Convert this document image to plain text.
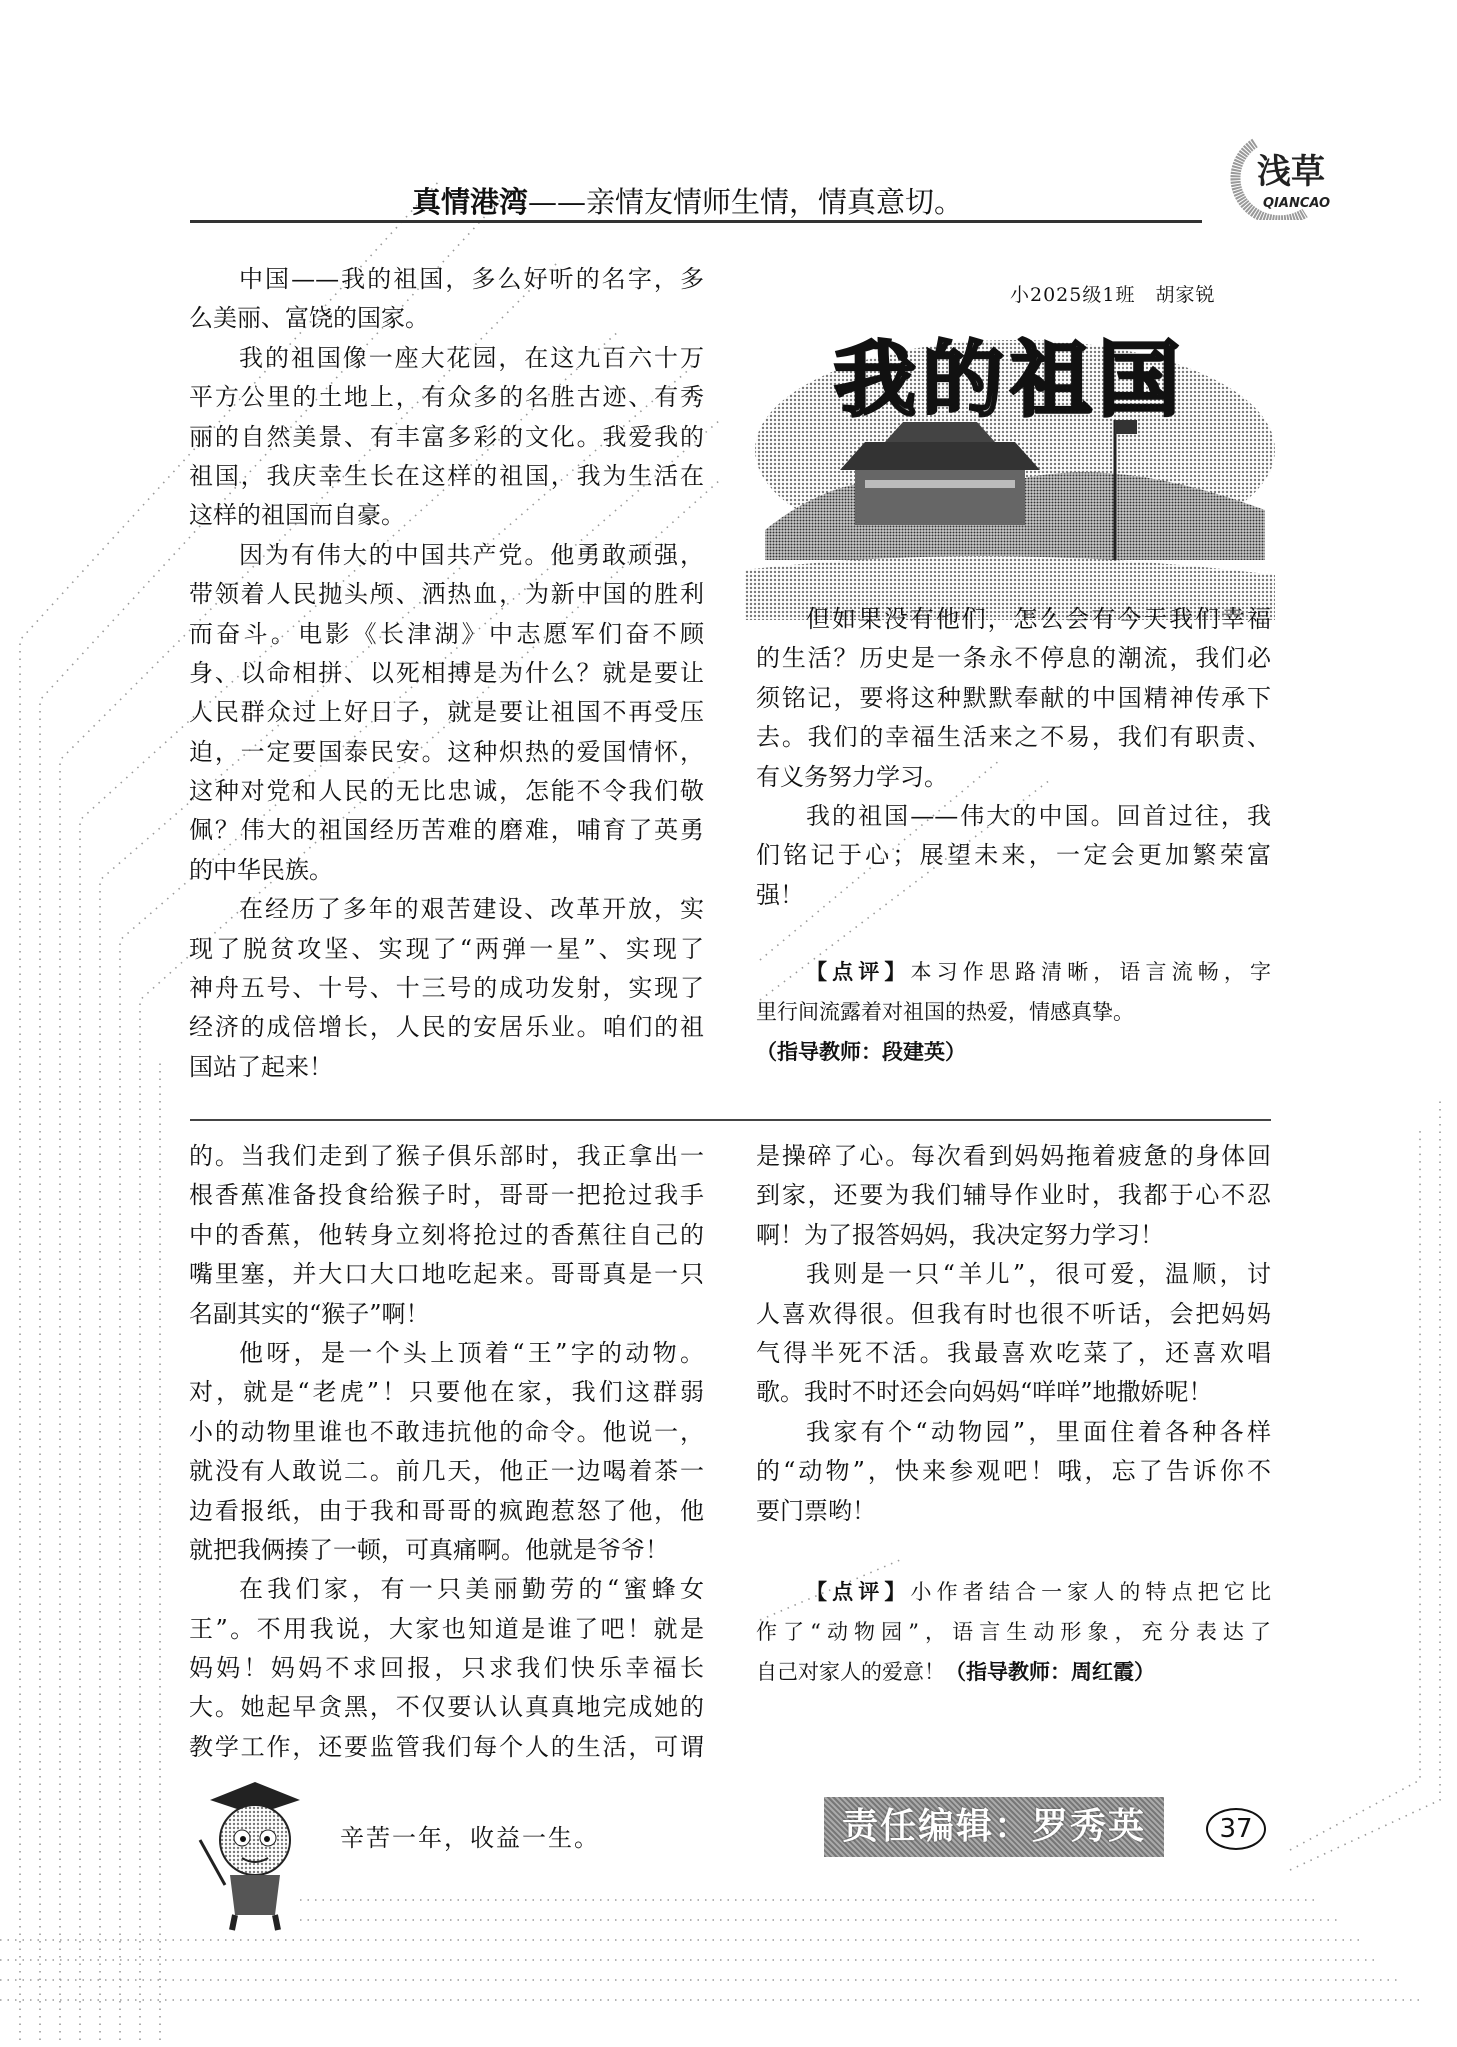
真情港湾——亲情友情师生情，情真意切。
浅草
QIANCAO
中国——我的祖国，多么好听的名字，多
么美丽、富饶的国家。
我的祖国像一座大花园，在这九百六十万
平方公里的土地上，有众多的名胜古迹、有秀
丽的自然美景、有丰富多彩的文化。我爱我的
祖国，我庆幸生长在这样的祖国，我为生活在
这样的祖国而自豪。
因为有伟大的中国共产党。他勇敢顽强，
带领着人民抛头颅、洒热血，为新中国的胜利
而奋斗。电影《长津湖》中志愿军们奋不顾
身、以命相拼、以死相搏是为什么？就是要让
人民群众过上好日子，就是要让祖国不再受压
迫，一定要国泰民安。这种炽热的爱国情怀，
这种对党和人民的无比忠诚，怎能不令我们敬
佩？伟大的祖国经历苦难的磨难，哺育了英勇
的中华民族。
在经历了多年的艰苦建设、改革开放，实
现了脱贫攻坚、实现了“两弹一星”、实现了
神舟五号、十号、十三号的成功发射，实现了
经济的成倍增长，人民的安居乐业。咱们的祖
国站了起来！
小2025级1班　胡家锐
我的祖国
但如果没有他们，怎么会有今天我们幸福
的生活？历史是一条永不停息的潮流，我们必
须铭记，要将这种默默奉献的中国精神传承下
去。我们的幸福生活来之不易，我们有职责、
有义务努力学习。
我的祖国——伟大的中国。回首过往，我
们铭记于心；展望未来，一定会更加繁荣富
强！
【点评】本习作思路清晰，语言流畅，字
里行间流露着对祖国的热爱，情感真挚。
（指导教师：段建英）
的。当我们走到了猴子俱乐部时，我正拿出一
根香蕉准备投食给猴子时，哥哥一把抢过我手
中的香蕉，他转身立刻将抢过的香蕉往自己的
嘴里塞，并大口大口地吃起来。哥哥真是一只
名副其实的“猴子”啊！
他呀，是一个头上顶着“王”字的动物。
对，就是“老虎”！只要他在家，我们这群弱
小的动物里谁也不敢违抗他的命令。他说一，
就没有人敢说二。前几天，他正一边喝着茶一
边看报纸，由于我和哥哥的疯跑惹怒了他，他
就把我俩揍了一顿，可真痛啊。他就是爷爷！
在我们家，有一只美丽勤劳的“蜜蜂女
王”。不用我说，大家也知道是谁了吧！就是
妈妈！妈妈不求回报，只求我们快乐幸福长
大。她起早贪黑，不仅要认认真真地完成她的
教学工作，还要监管我们每个人的生活，可谓
是操碎了心。每次看到妈妈拖着疲惫的身体回
到家，还要为我们辅导作业时，我都于心不忍
啊！为了报答妈妈，我决定努力学习！
我则是一只“羊儿”，很可爱，温顺，讨
人喜欢得很。但我有时也很不听话，会把妈妈
气得半死不活。我最喜欢吃菜了，还喜欢唱
歌。我时不时还会向妈妈“咩咩”地撒娇呢！
我家有个“动物园”，里面住着各种各样
的“动物”，快来参观吧！哦，忘了告诉你不
要门票哟！
【点评】小作者结合一家人的特点把它比
作了“动物园”，语言生动形象，充分表达了
自己对家人的爱意！（指导教师：周红霞）
辛苦一年，收益一生。	责任编辑：罗秀英	37
